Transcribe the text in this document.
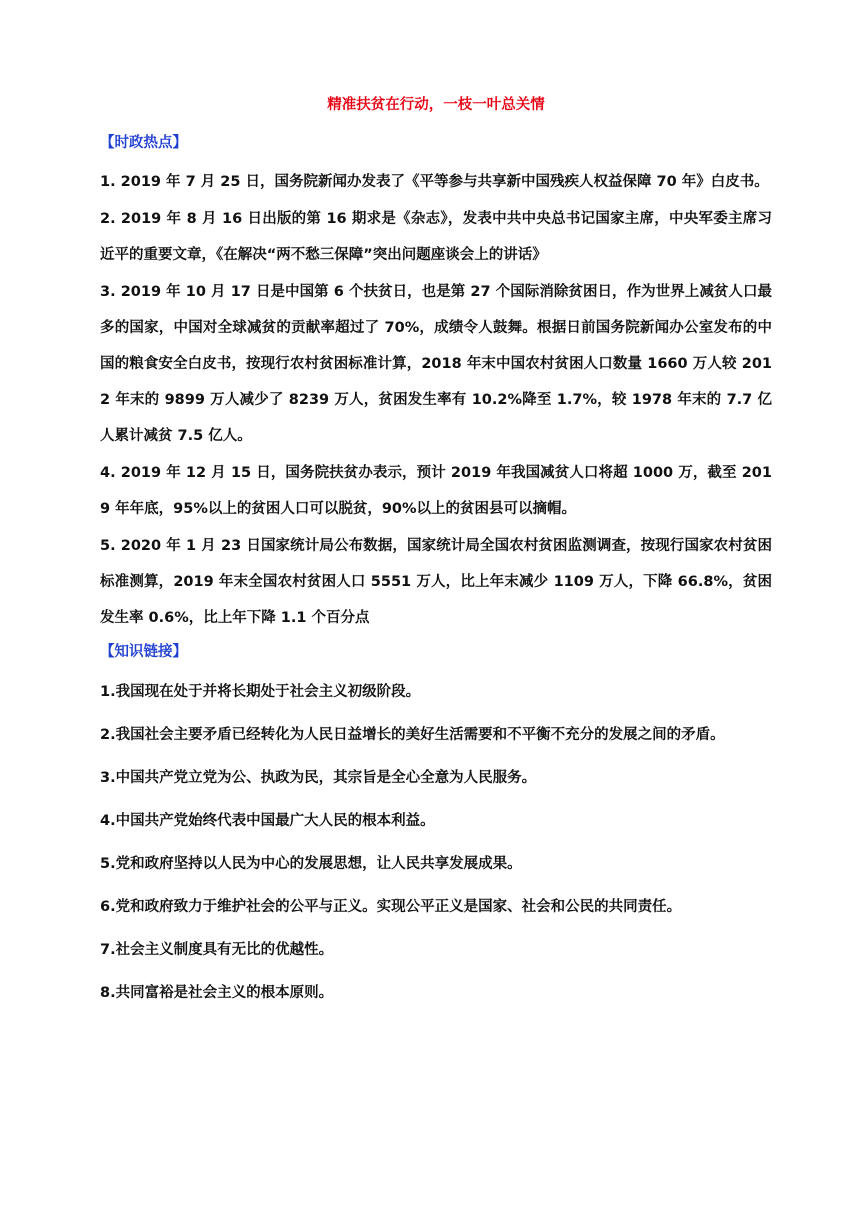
精准扶贫在行动，一枝一叶总关情
【时政热点】

1. 2019 年 7 月 25 日，国务院新闻办发表了《平等参与共享新中国残疾人权益保障 70 年》白皮书。

2. 2019 年 8 月 16 日出版的第 16 期求是《杂志》，发表中共中央总书记国家主席，中央军委主席习近平的重要文章，《在解决“两不愁三保障”突出问题座谈会上的讲话》

3. 2019 年 10 月 17 日是中国第 6 个扶贫日，也是第 27 个国际消除贫困日，作为世界上减贫人口最多的国家，中国对全球减贫的贡献率超过了 70%，成绩令人鼓舞。根据日前国务院新闻办公室发布的中国的粮食安全白皮书，按现行农村贫困标准计算，2018 年末中国农村贫困人口数量 1660 万人较 2012 年末的 9899 万人减少了 8239 万人，贫困发生率有 10.2%降至 1.7%，较 1978 年末的 7.7 亿人累计减贫 7.5 亿人。

4. 2019 年 12 月 15 日，国务院扶贫办表示，预计 2019 年我国减贫人口将超 1000 万，截至 2019 年年底，95%以上的贫困人口可以脱贫，90%以上的贫困县可以摘帽。

5. 2020 年 1 月 23 日国家统计局公布数据，国家统计局全国农村贫困监测调查，按现行国家农村贫困标准测算，2019 年末全国农村贫困人口 5551 万人，比上年末减少 1109 万人，下降 66.8%，贫困发生率 0.6%，比上年下降 1.1 个百分点

【知识链接】
1.我国现在处于并将长期处于社会主义初级阶段。
2.我国社会主要矛盾已经转化为人民日益增长的美好生活需要和不平衡不充分的发展之间的矛盾。
3.中国共产党立党为公、执政为民，其宗旨是全心全意为人民服务。
4.中国共产党始终代表中国最广大人民的根本利益。
5.党和政府坚持以人民为中心的发展思想，让人民共享发展成果。
6.党和政府致力于维护社会的公平与正义。实现公平正义是国家、社会和公民的共同责任。
7.社会主义制度具有无比的优越性。
8.共同富裕是社会主义的根本原则。
